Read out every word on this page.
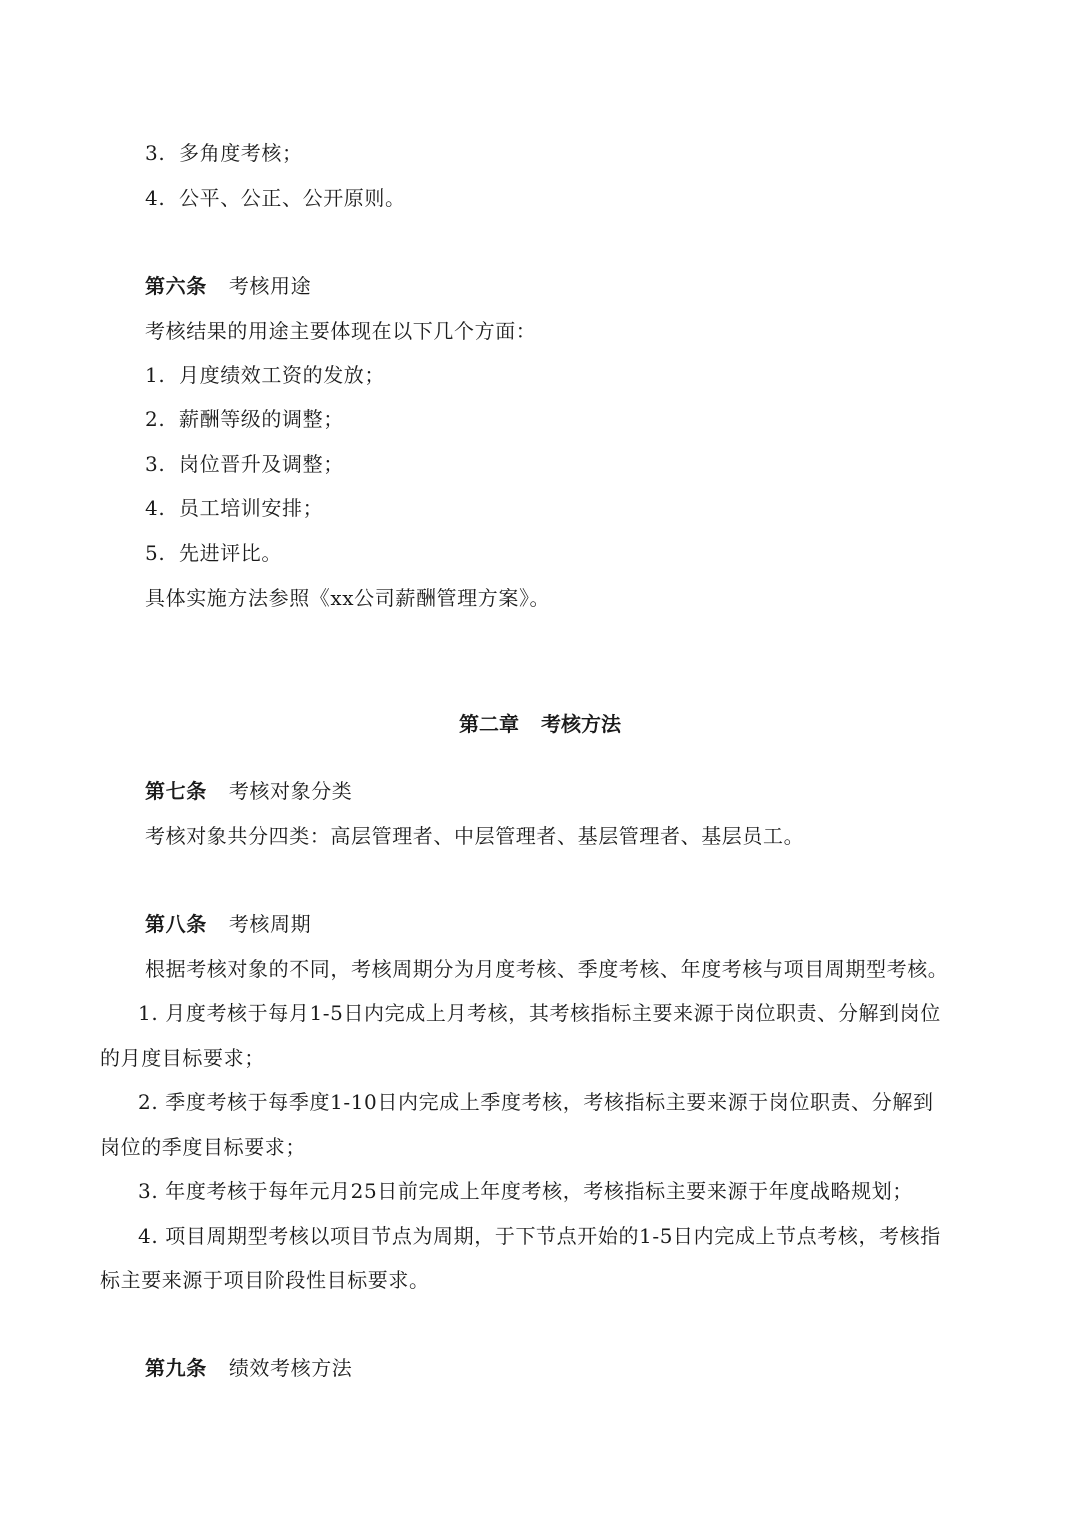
3. 多角度考核；
4. 公平、公正、公开原则。
第六条 考核用途
考核结果的用途主要体现在以下几个方面：
1. 月度绩效工资的发放；
2. 薪酬等级的调整；
3. 岗位晋升及调整；
4. 员工培训安排；
5. 先进评比。
具体实施方法参照《xx公司薪酬管理方案》。
第二章 考核方法
第七条 考核对象分类
考核对象共分四类：高层管理者、中层管理者、基层管理者、基层员工。
第八条 考核周期
根据考核对象的不同，考核周期分为月度考核、季度考核、年度考核与项目周期型考核。
1. 月度考核于每月1-5日内完成上月考核，其考核指标主要来源于岗位职责、分解到岗位
的月度目标要求；
2. 季度考核于每季度1-10日内完成上季度考核，考核指标主要来源于岗位职责、分解到
岗位的季度目标要求；
3. 年度考核于每年元月25日前完成上年度考核，考核指标主要来源于年度战略规划；
4. 项目周期型考核以项目节点为周期，于下节点开始的1-5日内完成上节点考核，考核指
标主要来源于项目阶段性目标要求。
第九条 绩效考核方法
